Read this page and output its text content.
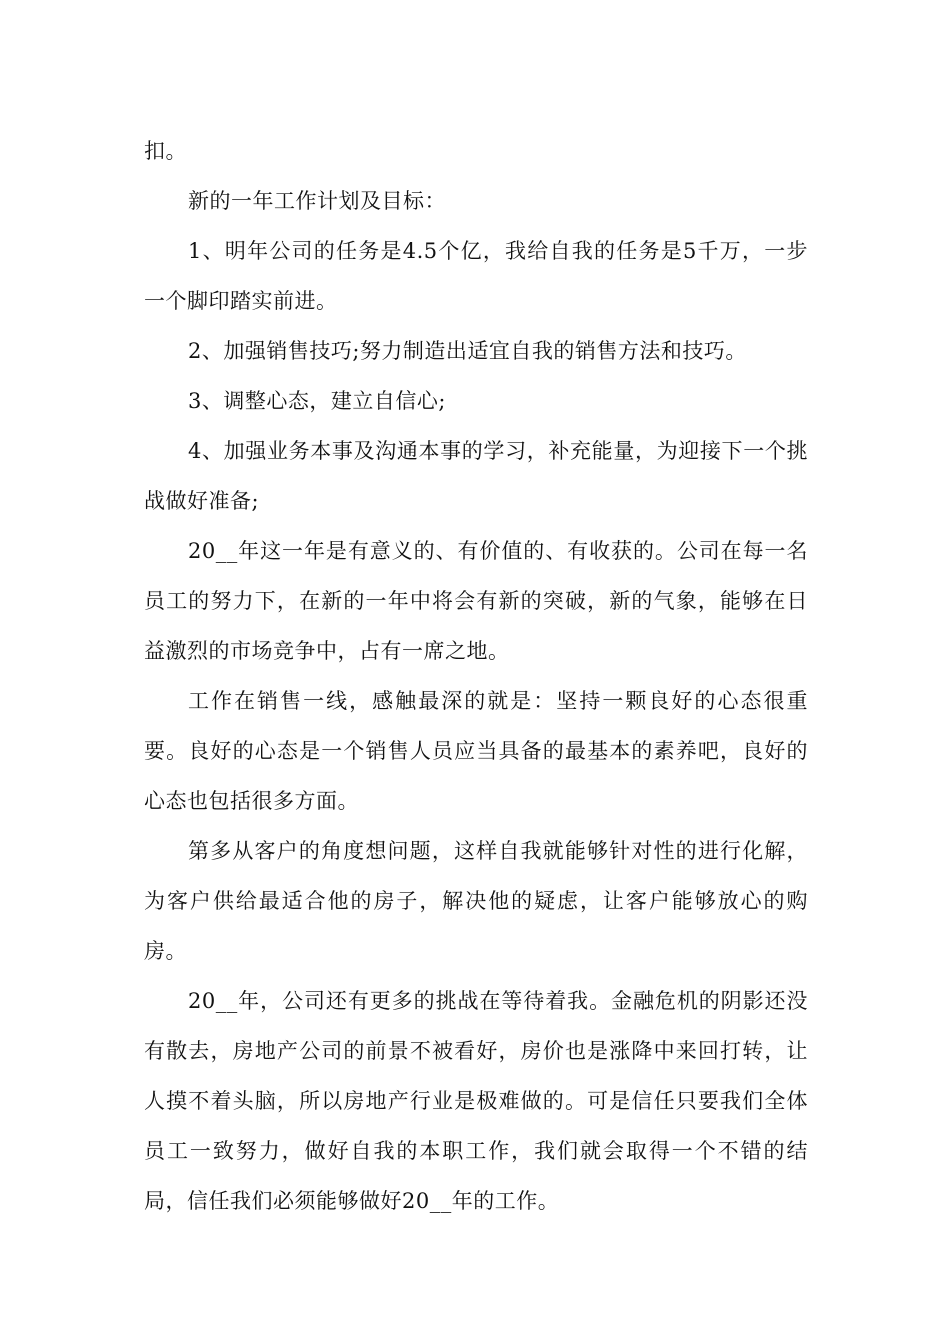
扣。

新的一年工作计划及目标：

1、明年公司的任务是4.5个亿，我给自我的任务是5千万，一步一个脚印踏实前进。

2、加强销售技巧;努力制造出适宜自我的销售方法和技巧。

3、调整心态，建立自信心;

4、加强业务本事及沟通本事的学习，补充能量，为迎接下一个挑战做好准备;

20__年这一年是有意义的、有价值的、有收获的。公司在每一名员工的努力下，在新的一年中将会有新的突破，新的气象，能够在日益激烈的市场竞争中，占有一席之地。

工作在销售一线，感触最深的就是：坚持一颗良好的心态很重要。良好的心态是一个销售人员应当具备的最基本的素养吧，良好的心态也包括很多方面。

第多从客户的角度想问题，这样自我就能够针对性的进行化解，为客户供给最适合他的房子，解决他的疑虑，让客户能够放心的购房。

20__年，公司还有更多的挑战在等待着我。金融危机的阴影还没有散去，房地产公司的前景不被看好，房价也是涨降中来回打转，让人摸不着头脑，所以房地产行业是极难做的。可是信任只要我们全体员工一致努力，做好自我的本职工作，我们就会取得一个不错的结局，信任我们必须能够做好20__年的工作。
